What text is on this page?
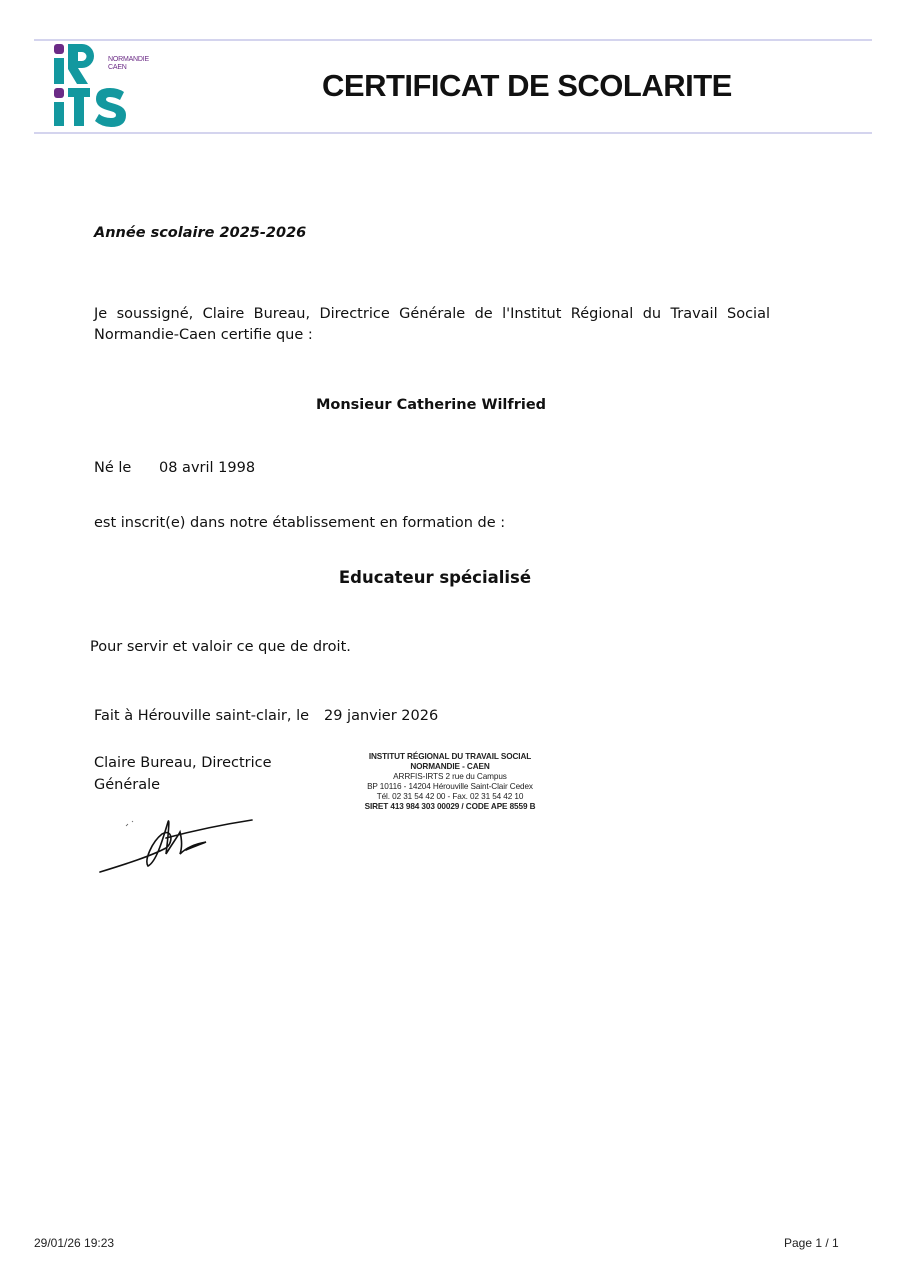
NORMANDIE
CAEN
CERTIFICAT DE SCOLARITE
Année scolaire 2025-2026
Je soussigné, Claire Bureau, Directrice Générale de l'Institut Régional du Travail Social Normandie-Caen certifie que :
Monsieur Catherine Wilfried
Né le 08 avril 1998
est inscrit(e) dans notre établissement en formation de :
Educateur spécialisé
Pour servir et valoir ce que de droit.
Fait à Hérouville saint-clair, le 29 janvier 2026
Claire Bureau, Directrice Générale
INSTITUT RÉGIONAL DU TRAVAIL SOCIAL
NORMANDIE - CAEN
ARRFIS-IRTS 2 rue du Campus
BP 10116 - 14204 Hérouville Saint-Clair Cedex
Tél. 02 31 54 42 00 - Fax. 02 31 54 42 10
SIRET 413 984 303 00029 / CODE APE 8559 B
29/01/26 19:23	Page 1 / 1
